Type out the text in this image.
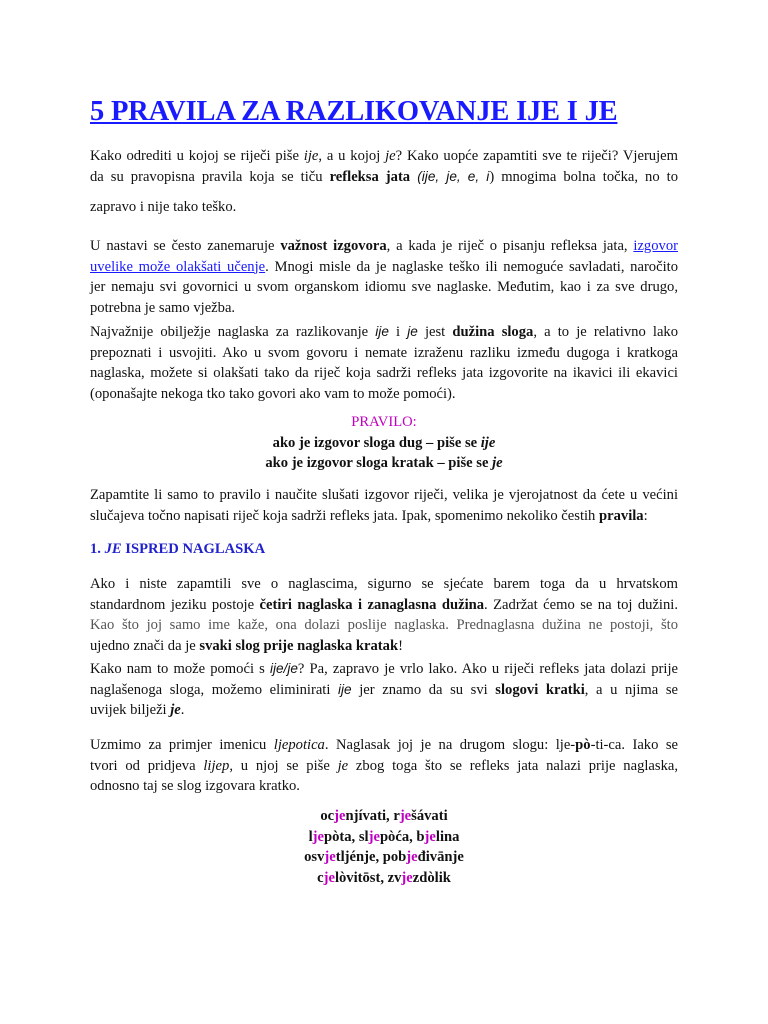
5 PRAVILA ZA RAZLIKOVANJE IJE I JE
Kako odrediti u kojoj se riječi piše ije, a u kojoj je? Kako uopće zapamtiti sve te riječi? Vjerujem
da su pravopisna pravila koja se tiču refleksa jata (ije, je, e, i) mnogima bolna točka, no to
zapravo i nije tako teško.
U nastavi se često zanemaruje važnost izgovora, a kada je riječ o pisanju refleksa jata, izgovor
uvelike može olakšati učenje. Mnogi misle da je naglaske teško ili nemoguće savladati, naročito
jer nemaju svi govornici u svom organskom idiomu sve naglaske. Međutim, kao i za sve drugo,
potrebna je samo vježba.
Najvažnije obilježje naglaska za razlikovanje ije i je jest dužina sloga, a to je relativno lako
prepoznati i usvojiti. Ako u svom govoru i nemate izraženu razliku između dugoga i kratkoga
naglaska, možete si olakšati tako da riječ koja sadrži refleks jata izgovorite na ikavici ili ekavici
(oponašajte nekoga tko tako govori ako vam to može pomoći).
PRAVILO:
ako je izgovor sloga dug – piše se ije
ako je izgovor sloga kratak – piše se je
Zapamtite li samo to pravilo i naučite slušati izgovor riječi, velika je vjerojatnost da ćete u većini
slučajeva točno napisati riječ koja sadrži refleks jata. Ipak, spomenimo nekoliko čestih pravila:
1. JE ISPRED NAGLASKA
Ako i niste zapamtili sve o naglascima, sigurno se sjećate barem toga da u hrvatskom
standardnom jeziku postoje četiri naglaska i zanaglasna dužina. Zadržat ćemo se na toj dužini.
Kao što joj samo ime kaže, ona dolazi poslije naglaska. Prednaglasna dužina ne postoji, što
ujedno znači da je svaki slog prije naglaska kratak!
Kako nam to može pomoći s ije/je? Pa, zapravo je vrlo lako. Ako u riječi refleks jata dolazi prije
naglašenoga sloga, možemo eliminirati ije jer znamo da su svi slogovi kratki, a u njima se
uvijek bilježi je.
Uzmimo za primjer imenicu ljepotica. Naglasak joj je na drugom slogu: lje-pò-ti-ca. Iako se
tvori od pridjeva lijep, u njoj se piše je zbog toga što se refleks jata nalazi prije naglaska,
odnosno taj se slog izgovara kratko.
ocjenjívati, rješávati
ljepòta, sljepòća, bjelina
osvjetljénje, pobjeđivānje
cjelòvitōst, zvjezdòlik
